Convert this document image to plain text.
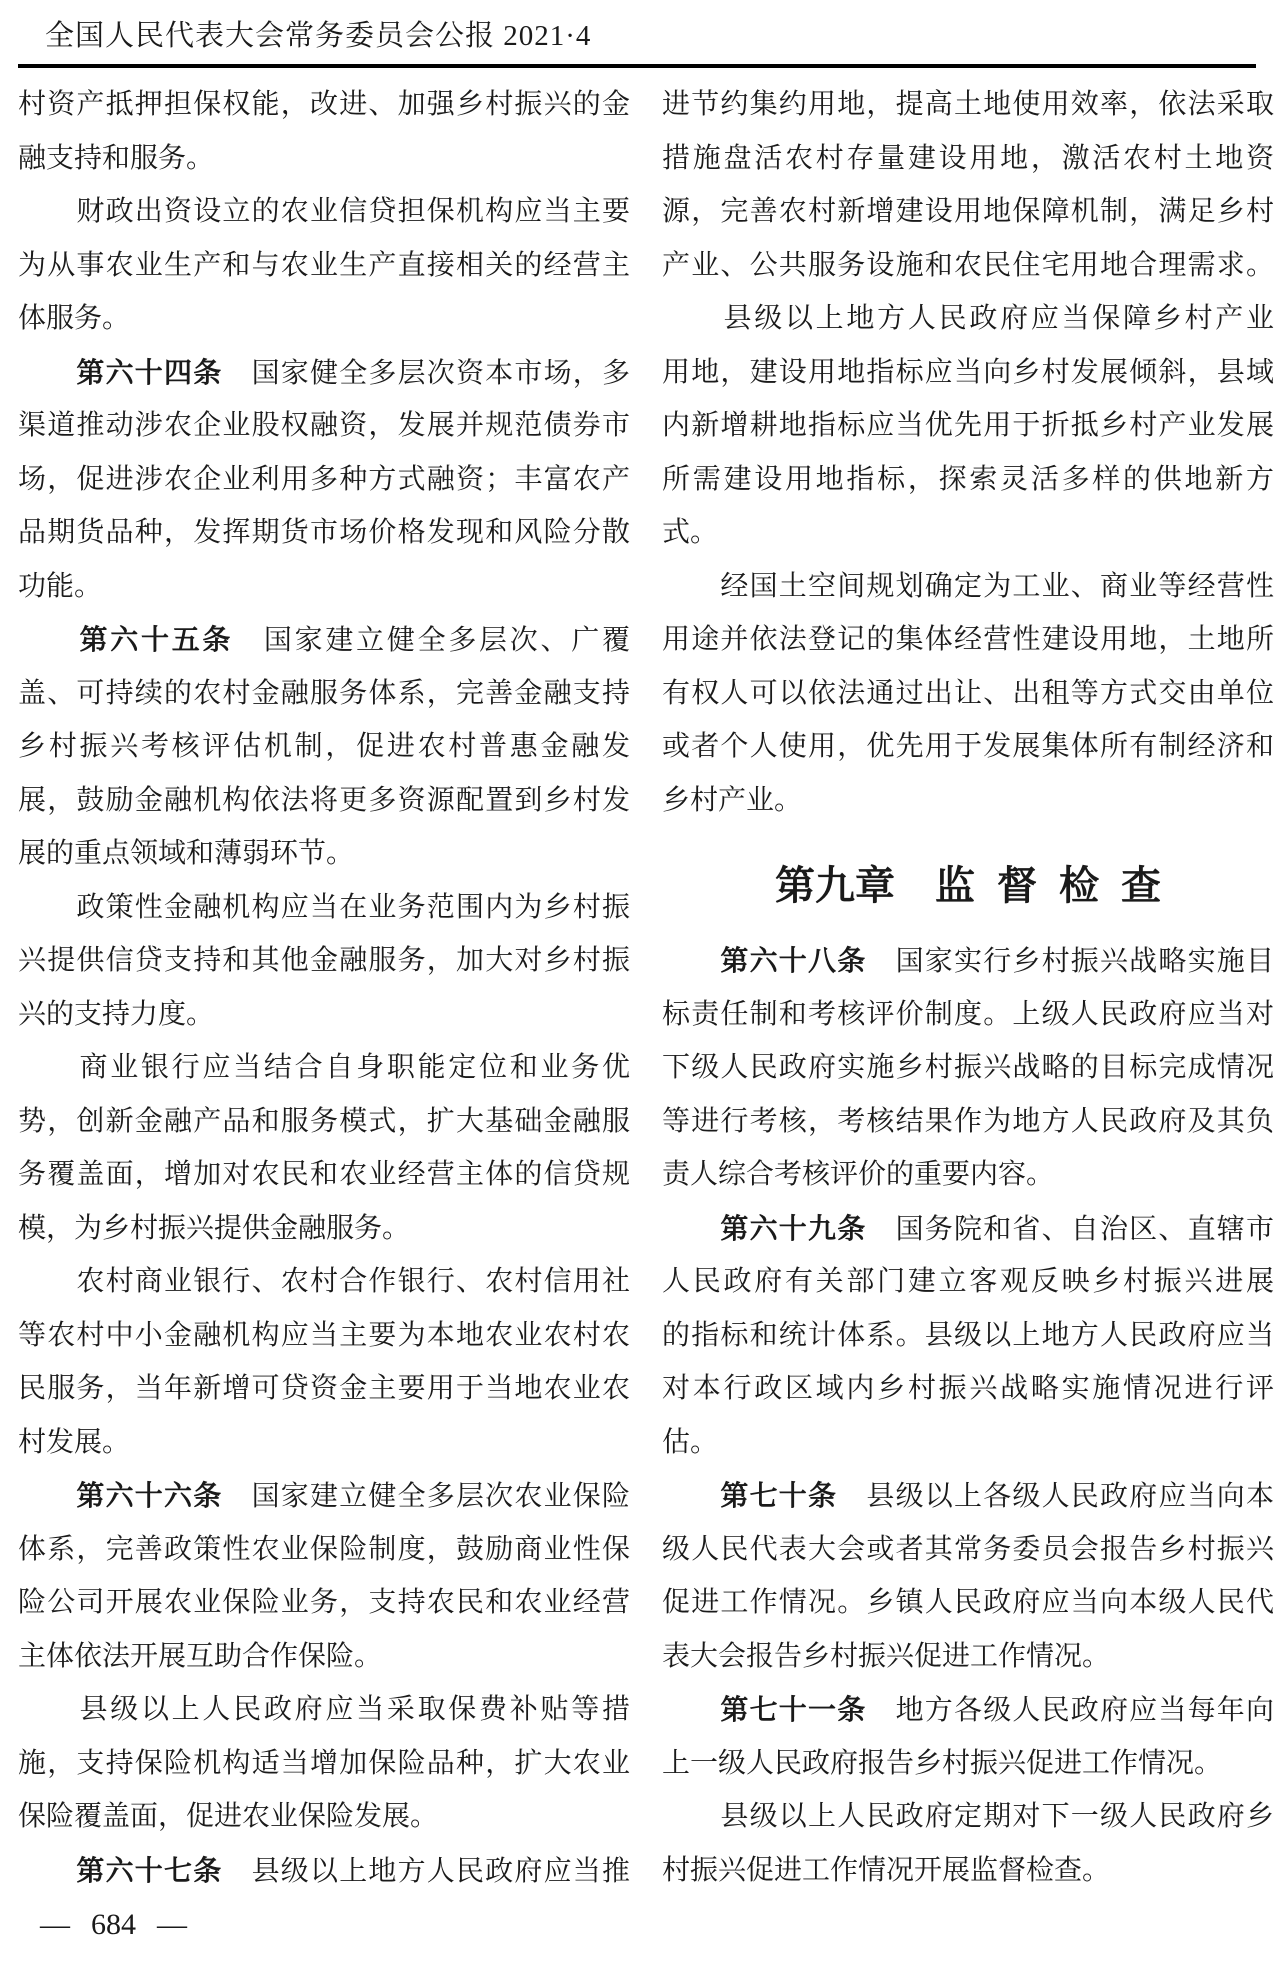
全国人民代表大会常务委员会公报 2021·4
村资产抵押担保权能，改进、加强乡村振兴的金
融支持和服务。
　　财政出资设立的农业信贷担保机构应当主要
为从事农业生产和与农业生产直接相关的经营主
体服务。
　　第六十四条　国家健全多层次资本市场，多
渠道推动涉农企业股权融资，发展并规范债券市
场，促进涉农企业利用多种方式融资；丰富农产
品期货品种，发挥期货市场价格发现和风险分散
功能。
　　第六十五条　国家建立健全多层次、广覆
盖、可持续的农村金融服务体系，完善金融支持
乡村振兴考核评估机制，促进农村普惠金融发
展，鼓励金融机构依法将更多资源配置到乡村发
展的重点领域和薄弱环节。
　　政策性金融机构应当在业务范围内为乡村振
兴提供信贷支持和其他金融服务，加大对乡村振
兴的支持力度。
　　商业银行应当结合自身职能定位和业务优
势，创新金融产品和服务模式，扩大基础金融服
务覆盖面，增加对农民和农业经营主体的信贷规
模，为乡村振兴提供金融服务。
　　农村商业银行、农村合作银行、农村信用社
等农村中小金融机构应当主要为本地农业农村农
民服务，当年新增可贷资金主要用于当地农业农
村发展。
　　第六十六条　国家建立健全多层次农业保险
体系，完善政策性农业保险制度，鼓励商业性保
险公司开展农业保险业务，支持农民和农业经营
主体依法开展互助合作保险。
　　县级以上人民政府应当采取保费补贴等措
施，支持保险机构适当增加保险品种，扩大农业
保险覆盖面，促进农业保险发展。
　　第六十七条　县级以上地方人民政府应当推
进节约集约用地，提高土地使用效率，依法采取
措施盘活农村存量建设用地，激活农村土地资
源，完善农村新增建设用地保障机制，满足乡村
产业、公共服务设施和农民住宅用地合理需求。
　　县级以上地方人民政府应当保障乡村产业
用地，建设用地指标应当向乡村发展倾斜，县域
内新增耕地指标应当优先用于折抵乡村产业发展
所需建设用地指标，探索灵活多样的供地新方
式。
　　经国土空间规划确定为工业、商业等经营性
用途并依法登记的集体经营性建设用地，土地所
有权人可以依法通过出让、出租等方式交由单位
或者个人使用，优先用于发展集体所有制经济和
乡村产业。
第九章 监督检查
　　第六十八条　国家实行乡村振兴战略实施目
标责任制和考核评价制度。上级人民政府应当对
下级人民政府实施乡村振兴战略的目标完成情况
等进行考核，考核结果作为地方人民政府及其负
责人综合考核评价的重要内容。
　　第六十九条　国务院和省、自治区、直辖市
人民政府有关部门建立客观反映乡村振兴进展
的指标和统计体系。县级以上地方人民政府应当
对本行政区域内乡村振兴战略实施情况进行评
估。
　　第七十条　县级以上各级人民政府应当向本
级人民代表大会或者其常务委员会报告乡村振兴
促进工作情况。乡镇人民政府应当向本级人民代
表大会报告乡村振兴促进工作情况。
　　第七十一条　地方各级人民政府应当每年向
上一级人民政府报告乡村振兴促进工作情况。
　　县级以上人民政府定期对下一级人民政府乡
村振兴促进工作情况开展监督检查。
— 684 —
